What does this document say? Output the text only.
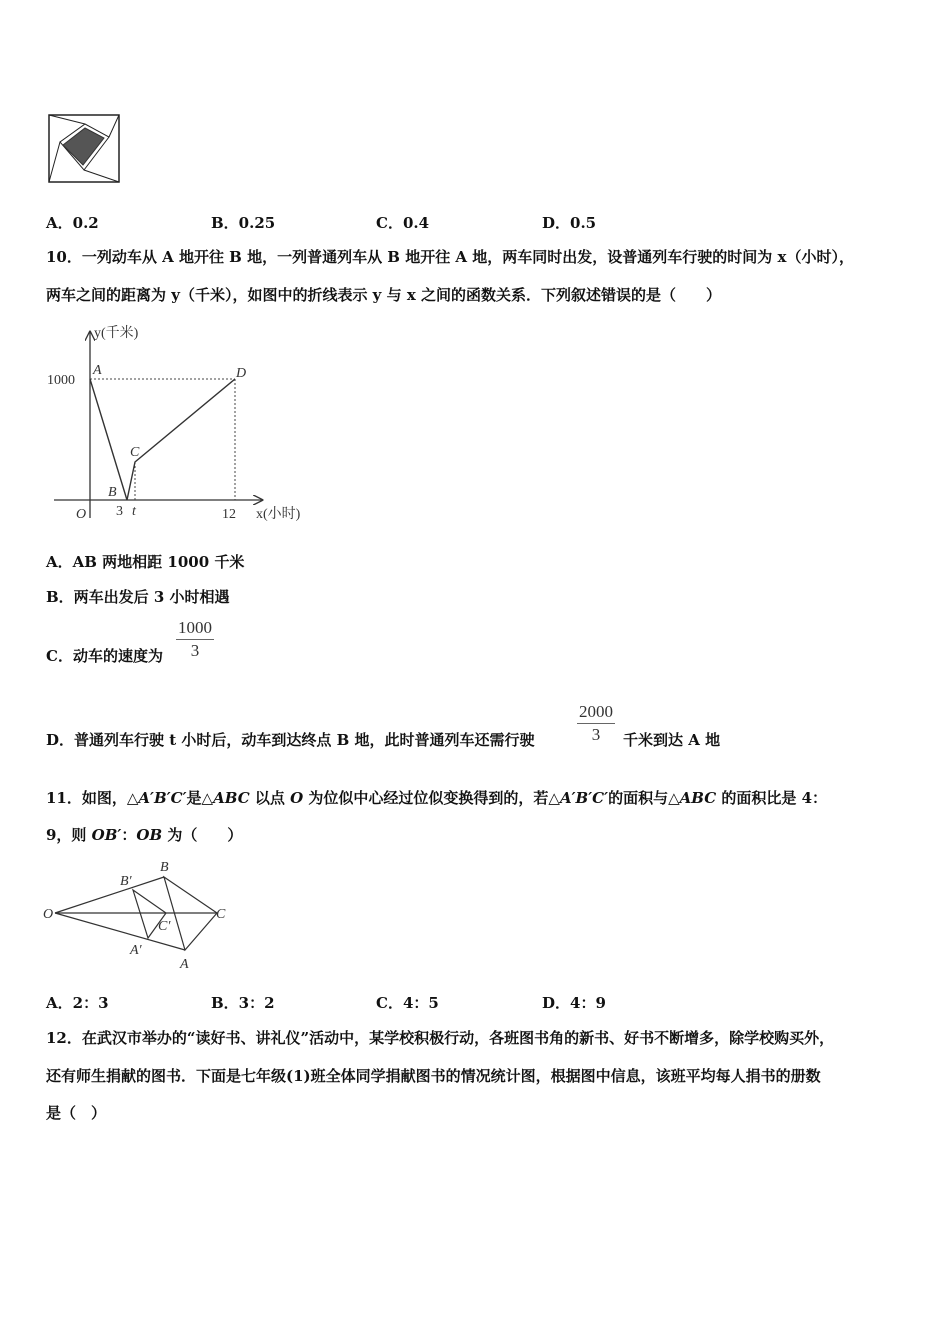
A．0.2	B．0.25	C．0.4	D．0.5
10．一列动车从 A 地开往 B 地，一列普通列车从 B 地开往 A 地，两车同时出发，设普通列车行驶的时间为 x（小时），
两车之间的距离为 y（千米），如图中的折线表示 y 与 x 之间的函数关系．下列叙述错误的是（　　）
y(千米)
x(小时)
1000
O 3 t	12
A
B
C
D
A．AB 两地相距 1000 千米
B．两车出发后 3 小时相遇
C．动车的速度为 $\frac{1000}{3}$
D．普通列车行驶 t 小时后，动车到达终点 B 地，此时普通列车还需行驶 $\frac{2000}{3}$ 千米到达 A 地
11．如图，△A′B′C′是△ABC 以点 O 为位似中心经过位似变换得到的，若△A′B′C′的面积与△ABC 的面积比是 4：
9，则 OB′：OB 为（　　）
O
B′
B
C′
C
A′
A
A．2：3	B．3：2	C．4：5	D．4：9
12．在武汉市举办的“读好书、讲礼仪”活动中，某学校积极行动，各班图书角的新书、好书不断增多，除学校购买外，
还有师生捐献的图书．下面是七年级(1)班全体同学捐献图书的情况统计图，根据图中信息，该班平均每人捐书的册数
是（　）
